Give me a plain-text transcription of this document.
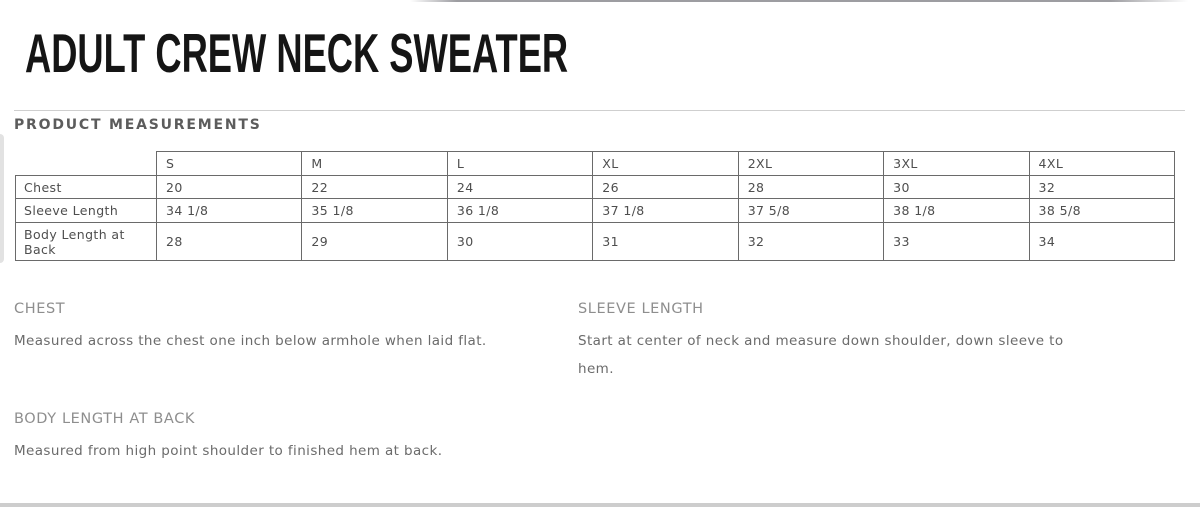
ADULT CREW NECK SWEATER
PRODUCT MEASUREMENTS
	S	M	L	XL	2XL	3XL	4XL
Chest	20	22	24	26	28	30	32
Sleeve Length	34 1/8	35 1/8	36 1/8	37 1/8	37 5/8	38 1/8	38 5/8
Body Length at Back	28	29	30	31	32	33	34
CHEST

Measured across the chest one inch below armhole when laid flat.

SLEEVE LENGTH

Start at center of neck and measure down shoulder, down sleeve to hem.

BODY LENGTH AT BACK

Measured from high point shoulder to finished hem at back.
